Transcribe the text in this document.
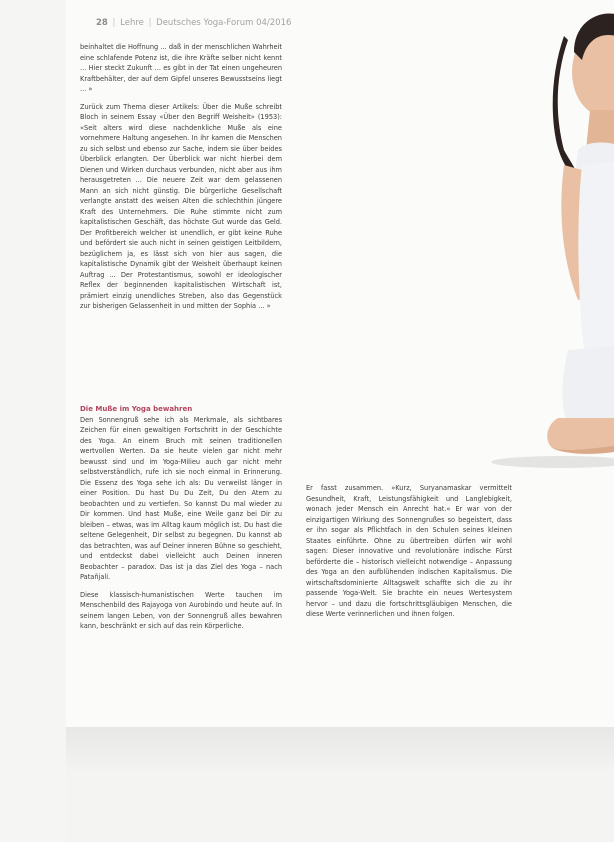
28 | Lehre | Deutsches Yoga-Forum 04/2016

beinhaltet die Hoffnung ... daß in der menschlichen Wahrheit eine schlafende Potenz ist, die ihre Kräfte selber nicht kennt ... Hier steckt Zukunft ... es gibt in der Tat einen ungeheuren Kraftbehälter, der auf dem Gipfel unseres Bewusstseins liegt ... »

Zurück zum Thema dieser Artikels: Über die Muße schreibt Bloch in seinem Essay «Über den Begriff Weisheit» (1953): «Seit alters wird diese nachdenkliche Muße als eine vornehmere Haltung angesehen. In ihr kamen die Menschen zu sich selbst und ebenso zur Sache, indem sie über beides Überblick erlangten. Der Überblick war nicht hierbei dem Dienen und Wirken durchaus verbunden, nicht aber aus ihm herausgetreten ... Die neuere Zeit war dem gelassenen Mann an sich nicht günstig. Die bürgerliche Gesellschaft verlangte anstatt des weisen Alten die schlechthin jüngere Kraft des Unternehmers. Die Ruhe stimmte nicht zum kapitalistischen Geschäft, das höchste Gut wurde das Geld. Der Profitbereich welcher ist unendlich, er gibt keine Ruhe und befördert sie auch nicht in seinen geistigen Leitbildern, bezüglichem ja, es lässt sich von hier aus sagen, die kapitalistische Dynamik gibt der Weisheit überhaupt keinen Auftrag ... Der Protestantismus, sowohl er ideologischer Reflex der beginnenden kapitalistischen Wirtschaft ist, prämiert einzig unendliches Streben, also das Gegenstück zur bisherigen Gelassenheit in und mitten der Sophia ... »

Die Muße im Yoga bewahren

Den Sonnengruß sehe ich als Merkmale, als sichtbares Zeichen für einen gewaltigen Fortschritt in der Geschichte des Yoga. An einem Bruch mit seinen traditionellen wertvollen Werten. Da sie heute vielen gar nicht mehr bewusst sind und im Yoga-Milieu auch gar nicht mehr selbstverständlich, rufe ich sie noch einmal in Erinnerung. Die Essenz des Yoga sehe ich als: Du verweilst länger in einer Position. Du hast Du Du Zeit, Du den Atem zu beobachten und zu vertiefen. So kannst Du mal wieder zu Dir kommen. Und hast Muße, eine Weile ganz bei Dir zu bleiben – etwas, was im Alltag kaum möglich ist. Du hast die seltene Gelegenheit, Dir selbst zu begegnen. Du kannst ab das betrachten, was auf Deiner inneren Bühne so geschieht, und entdeckst dabei vielleicht auch Deinen inneren Beobachter – paradox. Das ist ja das Ziel des Yoga – nach Patañjali.

Diese klassisch-humanistischen Werte tauchen im Menschenbild des Rajayoga von Aurobindo und heute auf. In seinem langen Leben, von der Sonnengruß alles bewahren kann, beschränkt er sich auf das rein Körperliche.

Er fasst zusammen. »Kurz, Suryanamaskar vermittelt Gesundheit, Kraft, Leistungsfähigkeit und Langlebigkeit, wonach jeder Mensch ein Anrecht hat.« Er war von der einzigartigen Wirkung des Sonnengrußes so begeistert, dass er ihn sogar als Pflichtfach in den Schulen seines kleinen Staates einführte. Ohne zu übertreiben dürfen wir wohl sagen: Dieser innovative und revolutionäre indische Fürst beförderte die – historisch vielleicht notwendige – Anpassung des Yoga an den aufblühenden indischen Kapitalismus. Die wirtschaftsdominierte Alltagswelt schaffte sich die zu ihr passende Yoga-Welt. Sie brachte ein neues Wertesystem hervor – und dazu die fortschrittsgläubigen Menschen, die diese Werte verinnerlichen und ihnen folgen.
